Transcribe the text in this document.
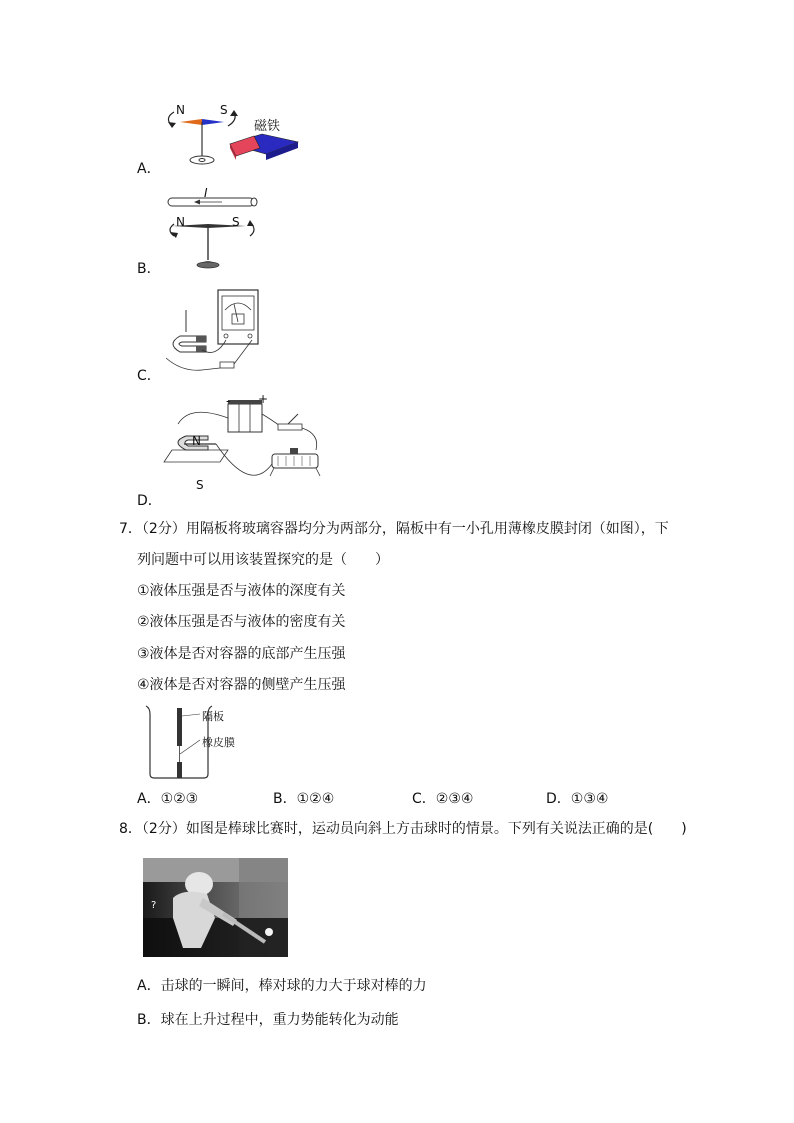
N	S
磁铁
A．
I
N	S
B．
C．
- +
N
S
D．
7．（2分）用隔板将玻璃容器均分为两部分，隔板中有一小孔用薄橡皮膜封闭（如图），下
列问题中可以用该装置探究的是（　　）
①液体压强是否与液体的深度有关
②液体压强是否与液体的密度有关
③液体是否对容器的底部产生压强
④液体是否对容器的侧壁产生压强
隔板
橡皮膜
A．①②③	B．①②④	C．②③④	D．①③④
8．（2分）如图是棒球比赛时，运动员向斜上方击球时的情景。下列有关说法正确的是(　　)
?
A．击球的一瞬间，棒对球的力大于球对棒的力
B．球在上升过程中，重力势能转化为动能
